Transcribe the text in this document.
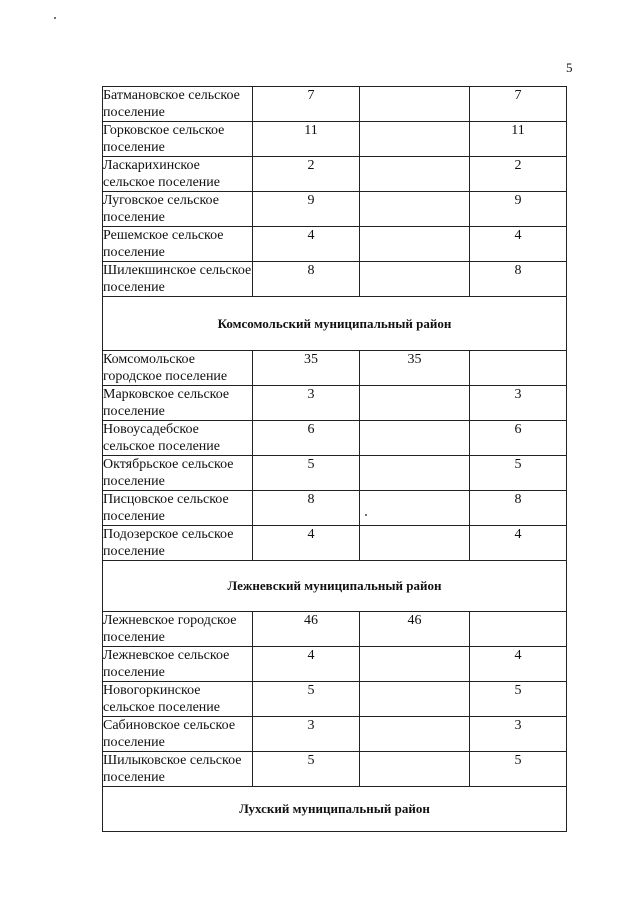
5
Батмановское сельское поселение	7		7
Горковское сельское поселение	11		11
Ласкарихинское сельское поселение	2		2
Луговское сельское поселение	9		9
Решемское сельское поселение	4		4
Шилекшинское сельское поселение	8		8
Комсомольский муниципальный район			
Комсомольское городское поселение	35	35	
Марковское сельское поселение	3		3
Новоусадебское сельское поселение	6		6
Октябрьское сельское поселение	5		5
Писцовское сельское поселение	8		8
Подозерское сельское поселение	4		4
Лежневский муниципальный район			
Лежневское городское поселение	46	46	
Лежневское сельское поселение	4		4
Новогоркинское сельское поселение	5		5
Сабиновское сельское поселение	3		3
Шилыковское сельское поселение	5		5
Лухский муниципальный район			
